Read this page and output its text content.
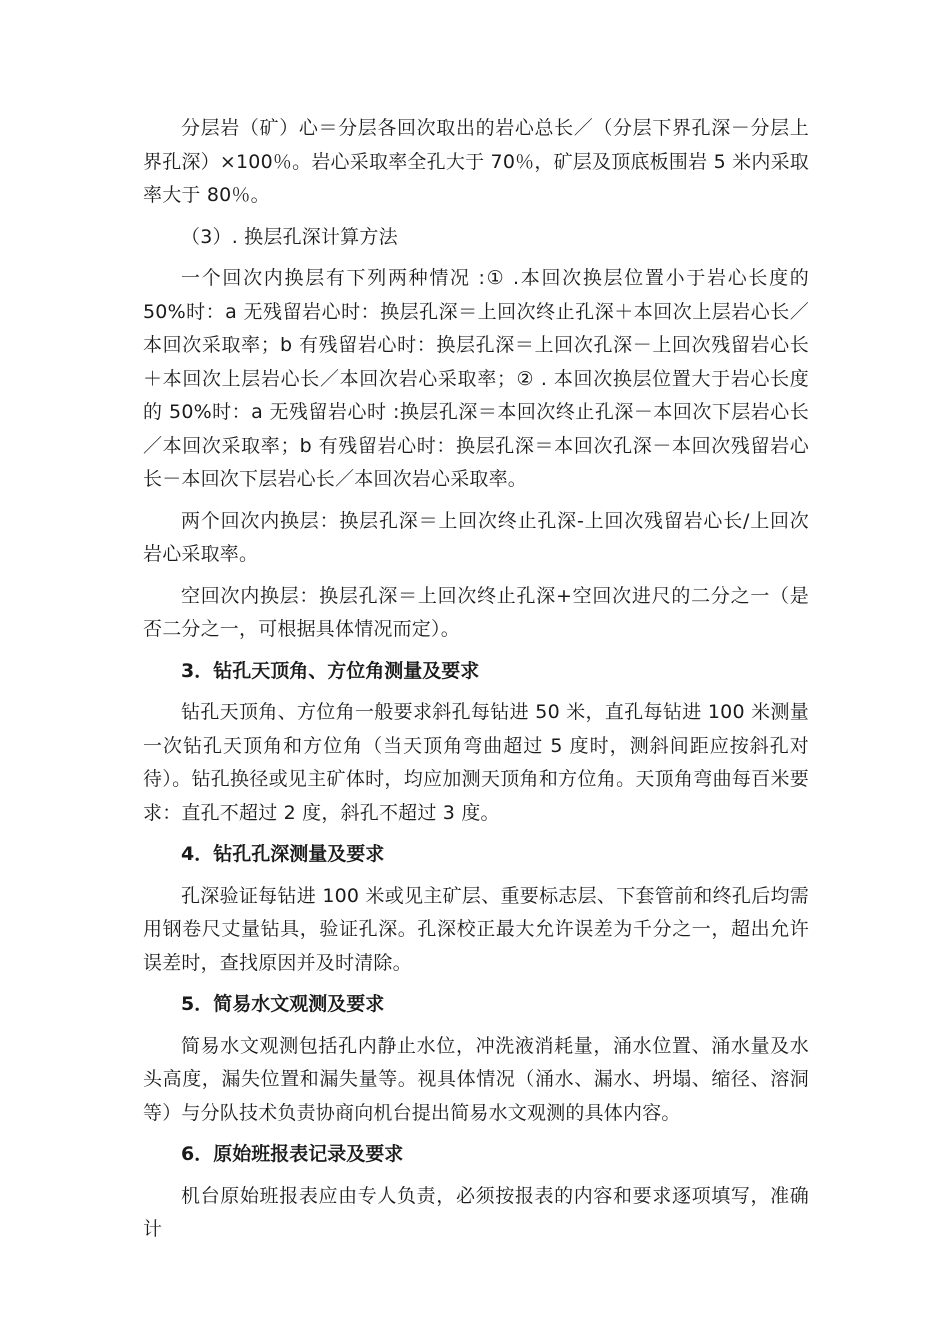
分层岩（矿）心＝分层各回次取出的岩心总长／（分层下界孔深－分层上界孔深）×100％。岩心采取率全孔大于 70％，矿层及顶底板围岩 5 米内采取率大于 80％。

（3）. 换层孔深计算方法

一个回次内换层有下列两种情况 :① .本回次换层位置小于岩心长度的 50%时：a 无残留岩心时：换层孔深＝上回次终止孔深＋本回次上层岩心长／本回次采取率；b 有残留岩心时：换层孔深＝上回次孔深－上回次残留岩心长＋本回次上层岩心长／本回次岩心采取率；② . 本回次换层位置大于岩心长度的 50%时：a 无残留岩心时 :换层孔深＝本回次终止孔深－本回次下层岩心长／本回次采取率；b 有残留岩心时：换层孔深＝本回次孔深－本回次残留岩心长－本回次下层岩心长／本回次岩心采取率。

两个回次内换层：换层孔深＝上回次终止孔深-上回次残留岩心长/上回次岩心采取率。

空回次内换层：换层孔深＝上回次终止孔深+空回次进尺的二分之一（是否二分之一，可根据具体情况而定）。

3．钻孔天顶角、方位角测量及要求

钻孔天顶角、方位角一般要求斜孔每钻进 50 米，直孔每钻进 100 米测量一次钻孔天顶角和方位角（当天顶角弯曲超过 5 度时，测斜间距应按斜孔对待）。钻孔换径或见主矿体时，均应加测天顶角和方位角。天顶角弯曲每百米要求：直孔不超过 2 度，斜孔不超过 3 度。

4．钻孔孔深测量及要求

孔深验证每钻进 100 米或见主矿层、重要标志层、下套管前和终孔后均需用钢卷尺丈量钻具，验证孔深。孔深校正最大允许误差为千分之一，超出允许误差时，查找原因并及时清除。

5．简易水文观测及要求

简易水文观测包括孔内静止水位，冲洗液消耗量，涌水位置、涌水量及水头高度，漏失位置和漏失量等。视具体情况（涌水、漏水、坍塌、缩径、溶洞等）与分队技术负责协商向机台提出简易水文观测的具体内容。

6．原始班报表记录及要求

机台原始班报表应由专人负责，必须按报表的内容和要求逐项填写，准确计
